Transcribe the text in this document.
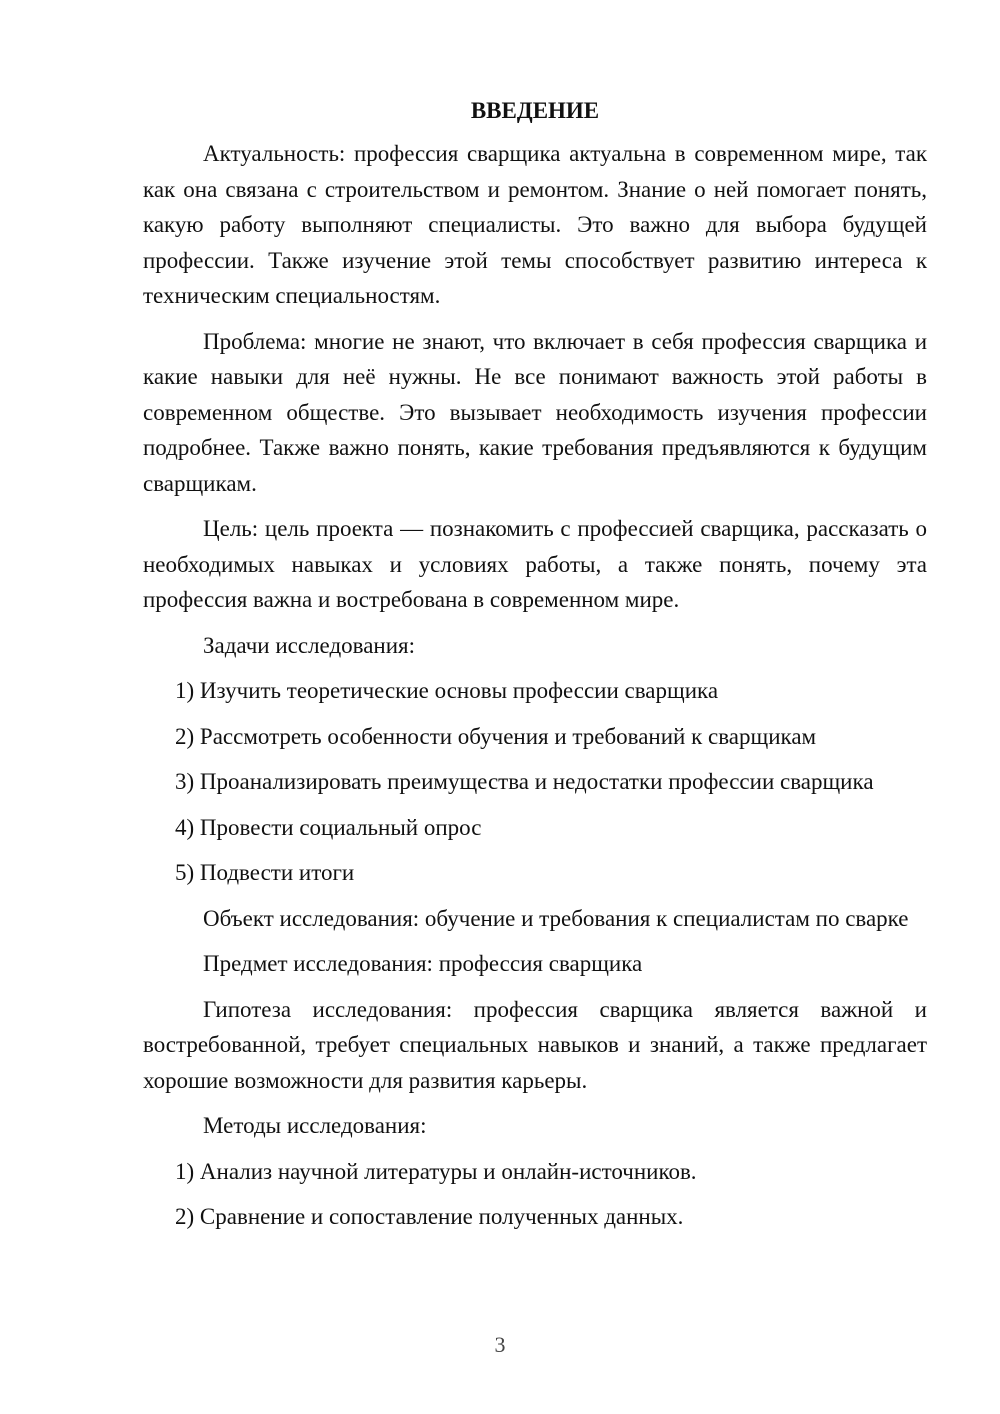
ВВЕДЕНИЕ

Актуальность: профессия сварщика актуальна в современном мире, так как она связана с строительством и ремонтом. Знание о ней помогает понять, какую работу выполняют специалисты. Это важно для выбора будущей профессии. Также изучение этой темы способствует развитию интереса к техническим специальностям.

Проблема: многие не знают, что включает в себя профессия сварщика и какие навыки для неё нужны. Не все понимают важность этой работы в современном обществе. Это вызывает необходимость изучения профессии подробнее. Также важно понять, какие требования предъявляются к будущим сварщикам.

Цель: цель проекта — познакомить с профессией сварщика, рассказать о необходимых навыках и условиях работы, а также понять, почему эта профессия важна и востребована в современном мире.

Задачи исследования:

1) Изучить теоретические основы профессии сварщика

2) Рассмотреть особенности обучения и требований к сварщикам

3) Проанализировать преимущества и недостатки профессии сварщика

4) Провести социальный опрос

5) Подвести итоги

Объект исследования: обучение и требования к специалистам по сварке

Предмет исследования: профессия сварщика

Гипотеза исследования: профессия сварщика является важной и востребованной, требует специальных навыков и знаний, а также предлагает хорошие возможности для развития карьеры.

Методы исследования:

1) Анализ научной литературы и онлайн-источников.

2) Сравнение и сопоставление полученных данных.

3
